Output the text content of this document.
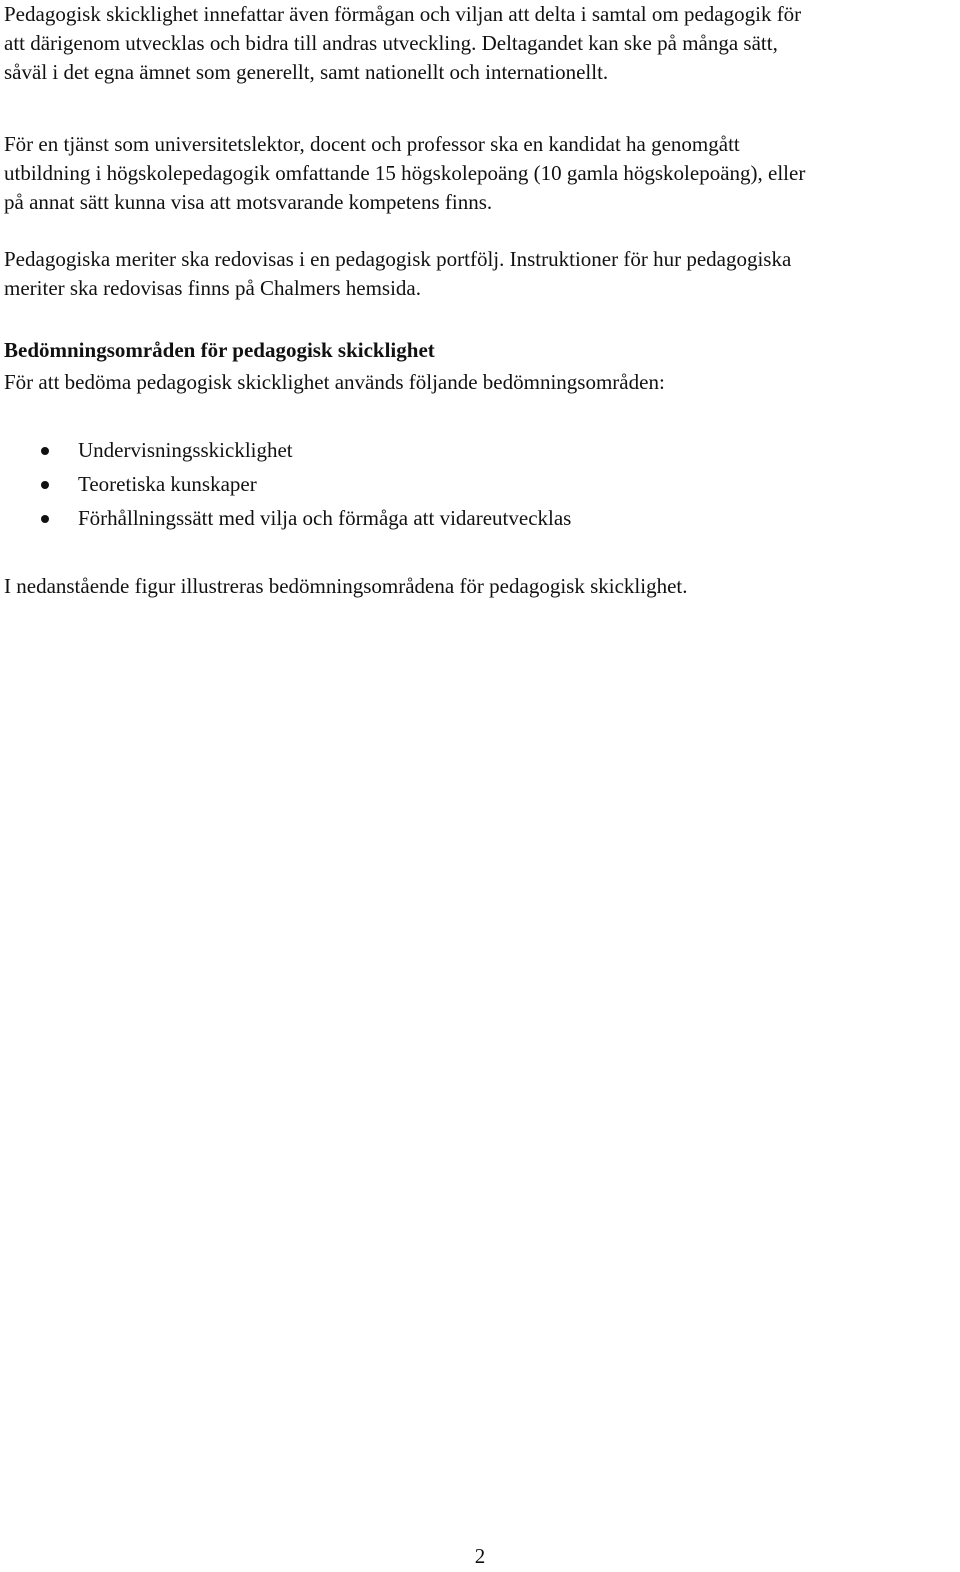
Pedagogisk skicklighet innefattar även förmågan och viljan att delta i samtal om pedagogik för
att därigenom utvecklas och bidra till andras utveckling. Deltagandet kan ske på många sätt,
såväl i det egna ämnet som generellt, samt nationellt och internationellt.

För en tjänst som universitetslektor, docent och professor ska en kandidat ha genomgått
utbildning i högskolepedagogik omfattande 15 högskolepoäng (10 gamla högskolepoäng), eller
på annat sätt kunna visa att motsvarande kompetens finns.

Pedagogiska meriter ska redovisas i en pedagogisk portfölj. Instruktioner för hur pedagogiska
meriter ska redovisas finns på Chalmers hemsida.

Bedömningsområden för pedagogisk skicklighet

För att bedöma pedagogisk skicklighet används följande bedömningsområden:

Undervisningsskicklighet
Teoretiska kunskaper
Förhållningssätt med vilja och förmåga att vidareutvecklas

I nedanstående figur illustreras bedömningsområdena för pedagogisk skicklighet.

2
